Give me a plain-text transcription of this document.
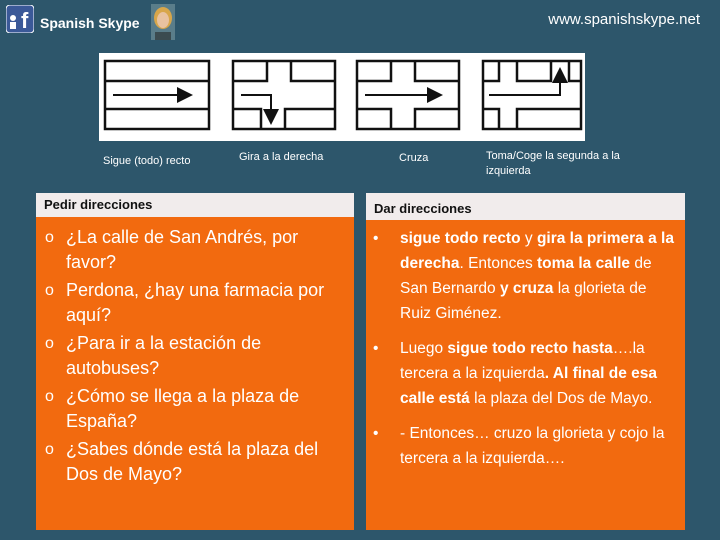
f Spanish Skype	www.spanishskype.net
Sigue (todo) recto	Gira a la derecha	Cruza	Toma/Coge la segunda a la izquierda
Pedir direcciones
o ¿La calle de San Andrés, por favor?
o Perdona, ¿hay una farmacia por aquí?
o ¿Para ir a la estación de autobuses?
o ¿Cómo se llega a la plaza de España?
o ¿Sabes dónde está la plaza del Dos de Mayo?
Dar direcciones
• sigue todo recto y gira la primera a la derecha. Entonces toma la calle de San Bernardo y cruza la glorieta de Ruiz Giménez.
• Luego sigue todo recto hasta….la tercera a la izquierda. Al final de esa calle está la plaza del Dos de Mayo.
• - Entonces… cruzo la glorieta y cojo la tercera a la izquierda….
